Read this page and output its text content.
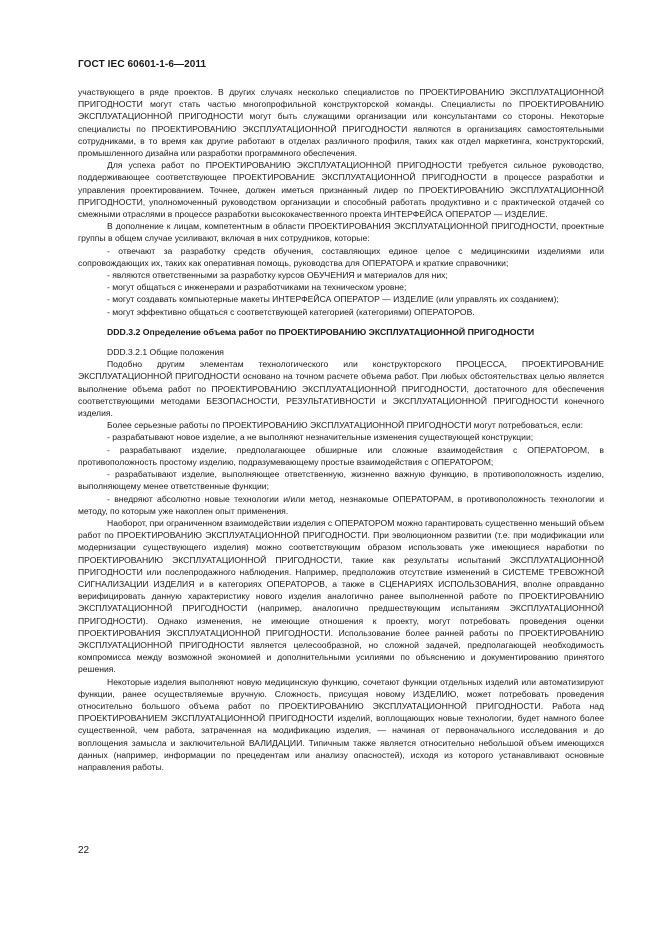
ГОСТ IEC 60601-1-6—2011

участвующего в ряде проектов. В других случаях несколько специалистов по ПРОЕКТИРОВАНИЮ ЭКСПЛУАТАЦИОННОЙ ПРИГОДНОСТИ могут стать частью многопрофильной конструкторской команды. Специалисты по ПРОЕКТИРОВАНИЮ ЭКСПЛУАТАЦИОННОЙ ПРИГОДНОСТИ могут быть служащими организации или консультантами со стороны. Некоторые специалисты по ПРОЕКТИРОВАНИЮ ЭКСПЛУАТАЦИОННОЙ ПРИГОДНОСТИ являются в организациях самостоятельными сотрудниками, в то время как другие работают в отделах различного профиля, таких как отдел маркетинга, конструкторский, промышленного дизайна или разработки программного обеспечения.

Для успеха работ по ПРОЕКТИРОВАНИЮ ЭКСПЛУАТАЦИОННОЙ ПРИГОДНОСТИ требуется сильное руководство, поддерживающее соответствующее ПРОЕКТИРОВАНИЕ ЭКСПЛУАТАЦИОННОЙ ПРИГОДНОСТИ в процессе разработки и управления проектированием. Точнее, должен иметься признанный лидер по ПРОЕКТИРОВАНИЮ ЭКСПЛУАТАЦИОННОЙ ПРИГОДНОСТИ, уполномоченный руководством организации и способный работать продуктивно и с практической отдачей со смежными отраслями в процессе разработки высококачественного проекта ИНТЕРФЕЙСА ОПЕРАТОР — ИЗДЕЛИЕ.

В дополнение к лицам, компетентным в области ПРОЕКТИРОВАНИЯ ЭКСПЛУАТАЦИОННОЙ ПРИГОДНОСТИ, проектные группы в общем случае усиливают, включая в них сотрудников, которые:

- отвечают за разработку средств обучения, составляющих единое целое с медицинскими изделиями или сопровождающих их, таких как оперативная помощь, руководства для ОПЕРАТОРА и краткие справочники;

- являются ответственными за разработку курсов ОБУЧЕНИЯ и материалов для них;

- могут общаться с инженерами и разработчиками на техническом уровне;

- могут создавать компьютерные макеты ИНТЕРФЕЙСА ОПЕРАТОР — ИЗДЕЛИЕ (или управлять их созданием);

- могут эффективно общаться с соответствующей категорией (категориями) ОПЕРАТОРОВ.

DDD.3.2 Определение объема работ по ПРОЕКТИРОВАНИЮ ЭКСПЛУАТАЦИОННОЙ ПРИГОДНОСТИ

DDD.3.2.1 Общие положения

Подобно другим элементам технологического или конструкторского ПРОЦЕССА, ПРОЕКТИРОВАНИЕ ЭКСПЛУАТАЦИОННОЙ ПРИГОДНОСТИ основано на точном расчете объема работ. При любых обстоятельствах целью является выполнение объема работ по ПРОЕКТИРОВАНИЮ ЭКСПЛУАТАЦИОННОЙ ПРИГОДНОСТИ, достаточного для обеспечения соответствующими методами БЕЗОПАСНОСТИ, РЕЗУЛЬТАТИВНОСТИ и ЭКСПЛУАТАЦИОННОЙ ПРИГОДНОСТИ конечного изделия.

Более серьезные работы по ПРОЕКТИРОВАНИЮ ЭКСПЛУАТАЦИОННОЙ ПРИГОДНОСТИ могут потребоваться, если:

- разрабатывают новое изделие, а не выполняют незначительные изменения существующей конструкции;

- разрабатывают изделие, предполагающее обширные или сложные взаимодействия с ОПЕРАТОРОМ, в противоположность простому изделию, подразумевающему простые взаимодействия с ОПЕРАТОРОМ;

- разрабатывают изделие, выполняющее ответственную, жизненно важную функцию, в противоположность изделию, выполняющему менее ответственные функции;

- внедряют абсолютно новые технологии и/или метод, незнакомые ОПЕРАТОРАМ, в противоположность технологии и методу, по которым уже накоплен опыт применения.

Наоборот, при ограниченном взаимодействии изделия с ОПЕРАТОРОМ можно гарантировать существенно меньший объем работ по ПРОЕКТИРОВАНИЮ ЭКСПЛУАТАЦИОННОЙ ПРИГОДНОСТИ. При эволюционном развитии (т.е. при модификации или модернизации существующего изделия) можно соответствующим образом использовать уже имеющиеся наработки по ПРОЕКТИРОВАНИЮ ЭКСПЛУАТАЦИОННОЙ ПРИГОДНОСТИ, такие как результаты испытаний ЭКСПЛУАТАЦИОННОЙ ПРИГОДНОСТИ или послепродажного наблюдения. Например, предположив отсутствие изменений в СИСТЕМЕ ТРЕВОЖНОЙ СИГНАЛИЗАЦИИ ИЗДЕЛИЯ и в категориях ОПЕРАТОРОВ, а также в СЦЕНАРИЯХ ИСПОЛЬЗОВАНИЯ, вполне оправданно верифицировать данную характеристику нового изделия аналогично ранее выполненной работе по ПРОЕКТИРОВАНИЮ ЭКСПЛУАТАЦИОННОЙ ПРИГОДНОСТИ (например, аналогично предшествующим испытаниям ЭКСПЛУАТАЦИОННОЙ ПРИГОДНОСТИ). Однако изменения, не имеющие отношения к проекту, могут потребовать проведения оценки ПРОЕКТИРОВАНИЯ ЭКСПЛУАТАЦИОННОЙ ПРИГОДНОСТИ. Использование более ранней работы по ПРОЕКТИРОВАНИЮ ЭКСПЛУАТАЦИОННОЙ ПРИГОДНОСТИ является целесообразной, но сложной задачей, предполагающей необходимость компромисса между возможной экономией и дополнительными усилиями по объяснению и документированию принятого решения.

Некоторые изделия выполняют новую медицинскую функцию, сочетают функции отдельных изделий или автоматизируют функции, ранее осуществляемые вручную. Сложность, присущая новому ИЗДЕЛИЮ, может потребовать проведения относительно большого объема работ по ПРОЕКТИРОВАНИЮ ЭКСПЛУАТАЦИОННОЙ ПРИГОДНОСТИ. Работа над ПРОЕКТИРОВАНИЕМ ЭКСПЛУАТАЦИОННОЙ ПРИГОДНОСТИ изделий, воплощающих новые технологии, будет намного более существенной, чем работа, затраченная на модификацию изделия, — начиная от первоначального исследования и до воплощения замысла и заключительной ВАЛИДАЦИИ. Типичным также является относительно небольшой объем имеющихся данных (например, информации по прецедентам или анализу опасностей), исходя из которого устанавливают основные направления работы.

22
